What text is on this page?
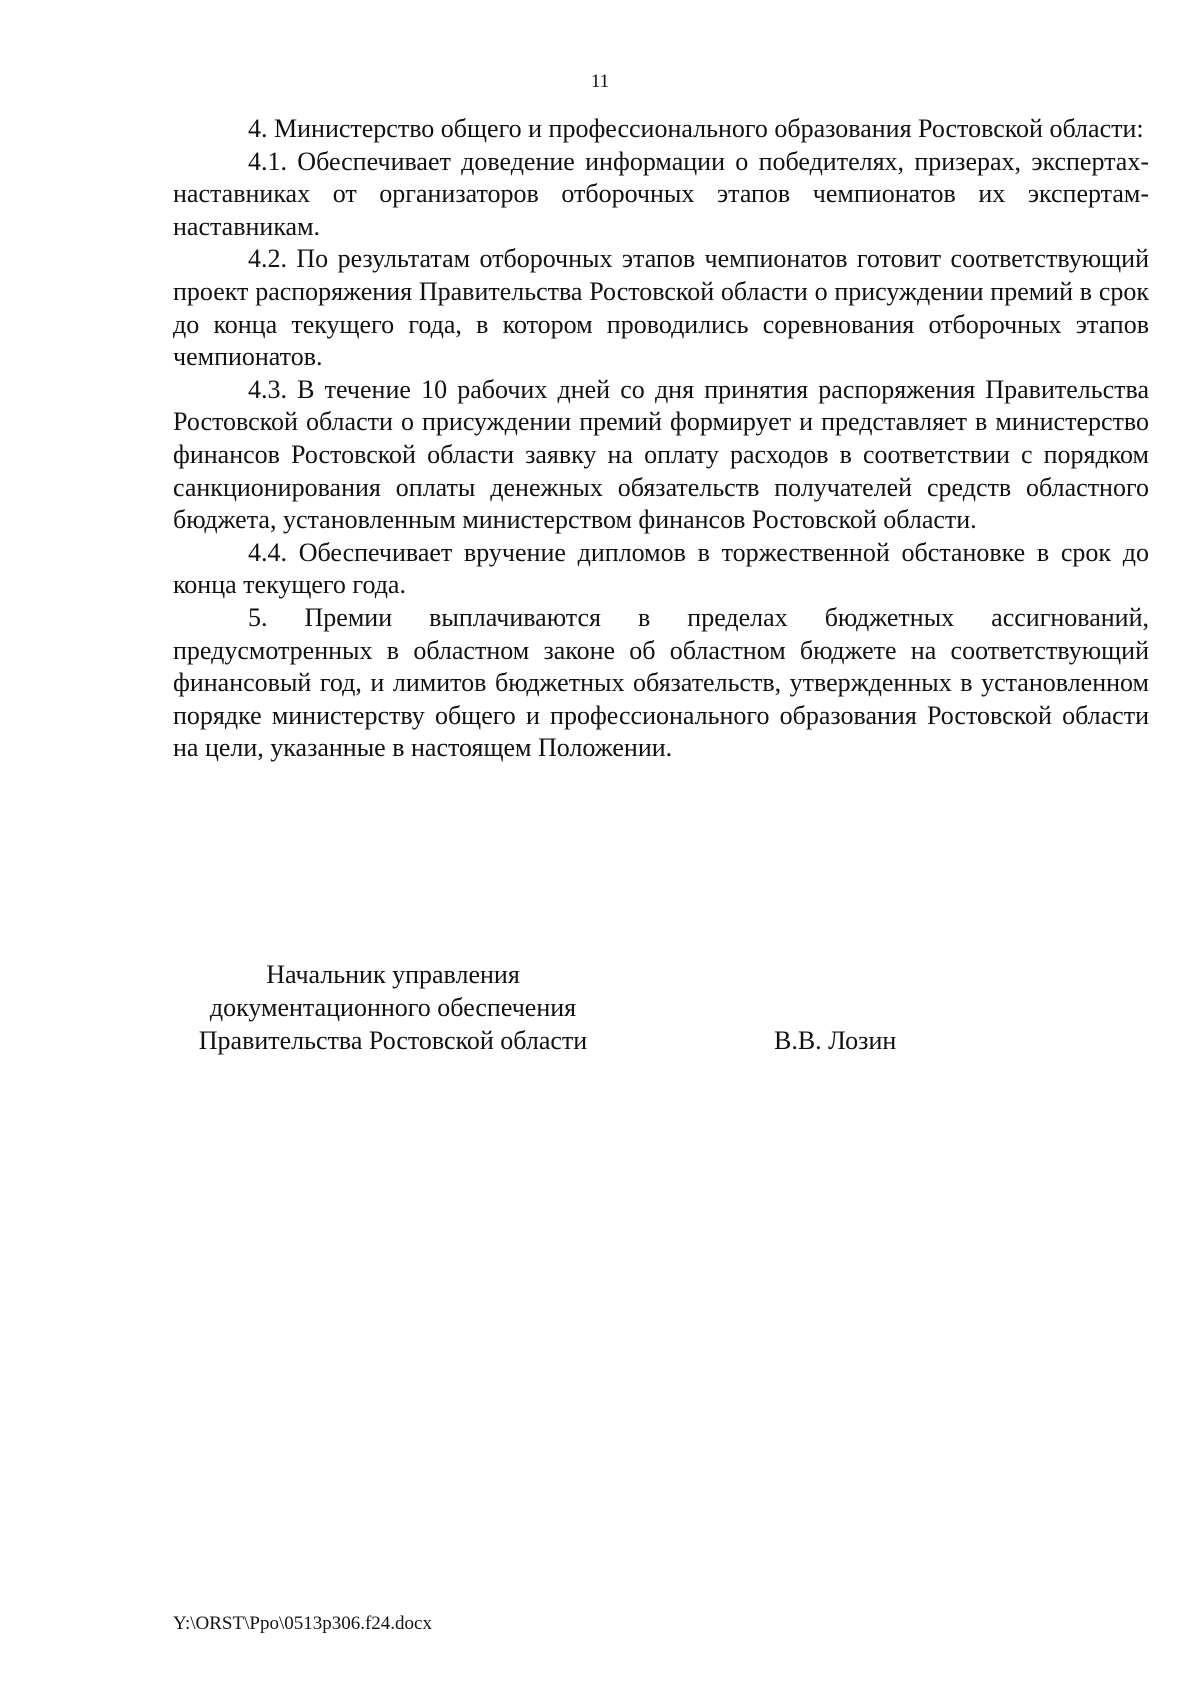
11

4. Министерство общего и профессионального образования Ростовской области:

4.1. Обеспечивает доведение информации о победителях, призерах, экспертах-наставниках от организаторов отборочных этапов чемпионатов их экспертам-наставникам.

4.2. По результатам отборочных этапов чемпионатов готовит соответствующий проект распоряжения Правительства Ростовской области о присуждении премий в срок до конца текущего года, в котором проводились соревнования отборочных этапов чемпионатов.

4.3. В течение 10 рабочих дней со дня принятия распоряжения Правительства Ростовской области о присуждении премий формирует и представляет в министерство финансов Ростовской области заявку на оплату расходов в соответствии с порядком санкционирования оплаты денежных обязательств получателей средств областного бюджета, установленным министерством финансов Ростовской области.

4.4. Обеспечивает вручение дипломов в торжественной обстановке в срок до конца текущего года.

5. Премии выплачиваются в пределах бюджетных ассигнований, предусмотренных в областном законе об областном бюджете на соответствующий финансовый год, и лимитов бюджетных обязательств, утвержденных в установленном порядке министерству общего и профессионального образования Ростовской области на цели, указанные в настоящем Положении.

Начальник управления
документационного обеспечения
Правительства Ростовской области	В.В. Лозин
Y:\ORST\Ppo\0513p306.f24.docx
